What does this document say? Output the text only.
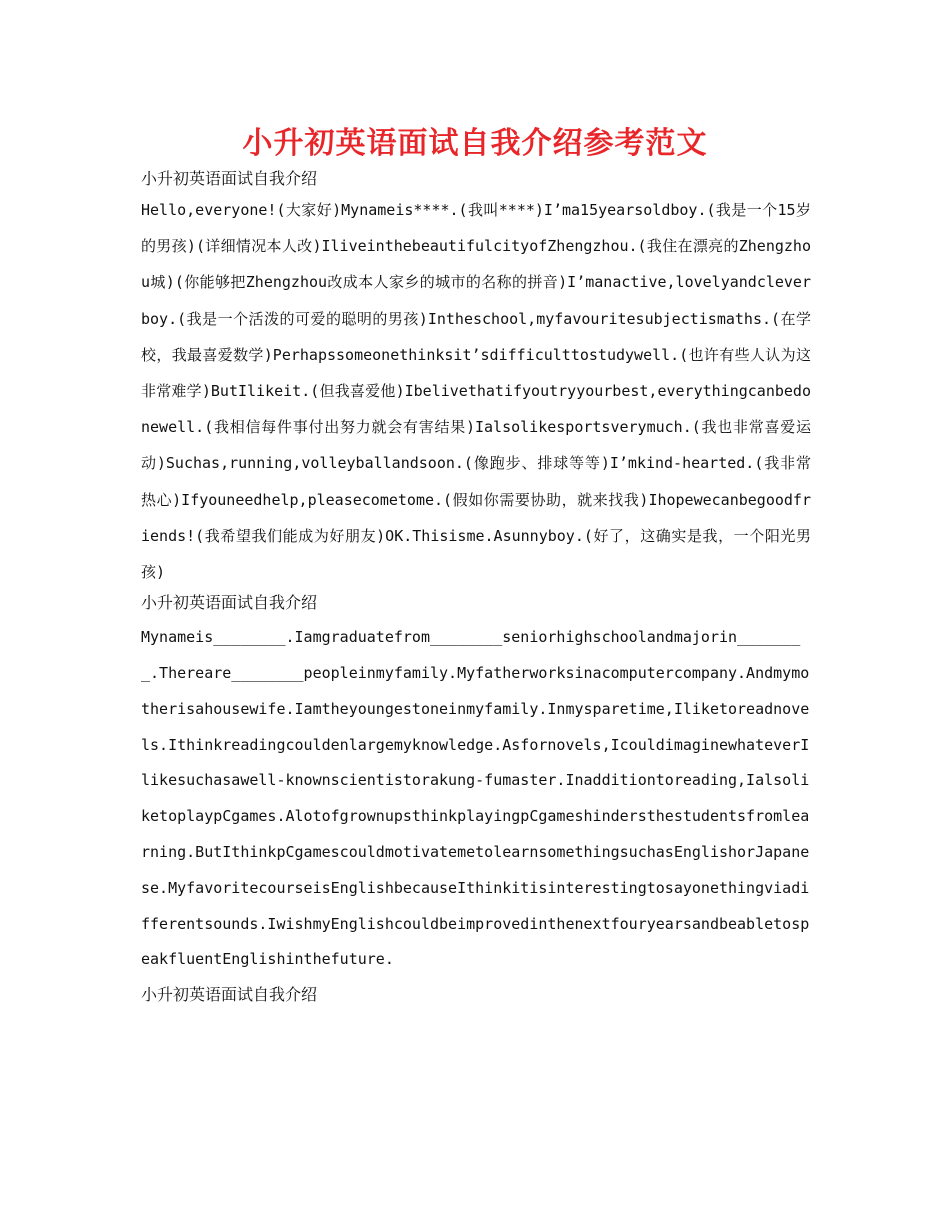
小升初英语面试自我介绍参考范文

小升初英语面试自我介绍

Hello,everyone!(大家好)Mynameis****.(我叫****)I’ma15yearsoldboy.(我是一个15岁的男孩)(详细情况本人改)IliveinthebeautifulcityofZhengzhou.(我住在漂亮的Zhengzhou城)(你能够把Zhengzhou改成本人家乡的城市的名称的拼音)I’manactive,lovelyandcleverboy.(我是一个活泼的可爱的聪明的男孩)Intheschool,myfavouritesubjectismaths.(在学校，我最喜爱数学)Perhapssomeonethinksit’sdifficulttostudywell.(也许有些人认为这非常难学)ButIlikeit.(但我喜爱他)Ibelivethatifyoutryyourbest,everythingcanbedonewell.(我相信每件事付出努力就会有害结果)Ialsolikesportsverymuch.(我也非常喜爱运动)Suchas,running,volleyballandsoon.(像跑步、排球等等)I’mkind-hearted.(我非常热心)Ifyouneedhelp,pleasecometome.(假如你需要协助，就来找我)Ihopewecanbegoodfriends!(我希望我们能成为好朋友)OK.Thisisme.Asunnyboy.(好了，这确实是我，一个阳光男孩)

小升初英语面试自我介绍

Mynameis________.Iamgraduatefrom________seniorhighschoolandmajorin________.Thereare________peopleinmyfamily.Myfatherworksinacomputercompany.Andmymotherisahousewife.Iamtheyoungestoneinmyfamily.Inmysparetime,Iliketoreadnovels.Ithinkreadingcouldenlargemyknowledge.Asfornovels,IcouldimaginewhateverIlikesuchasawell-knownscientistorakung-fumaster.Inadditiontoreading,IalsoliketoplaypCgames.AlotofgrownupsthinkplayingpCgameshindersthestudentsfromlearning.ButIthinkpCgamescouldmotivatemetolearnsomethingsuchasEnglishorJapanese.MyfavoritecourseisEnglishbecauseIthinkitisinterestingtosayonethingviadifferentsounds.IwishmyEnglishcouldbeimprovedinthenextfouryearsandbeabletospeakfluentEnglishinthefuture.

小升初英语面试自我介绍
